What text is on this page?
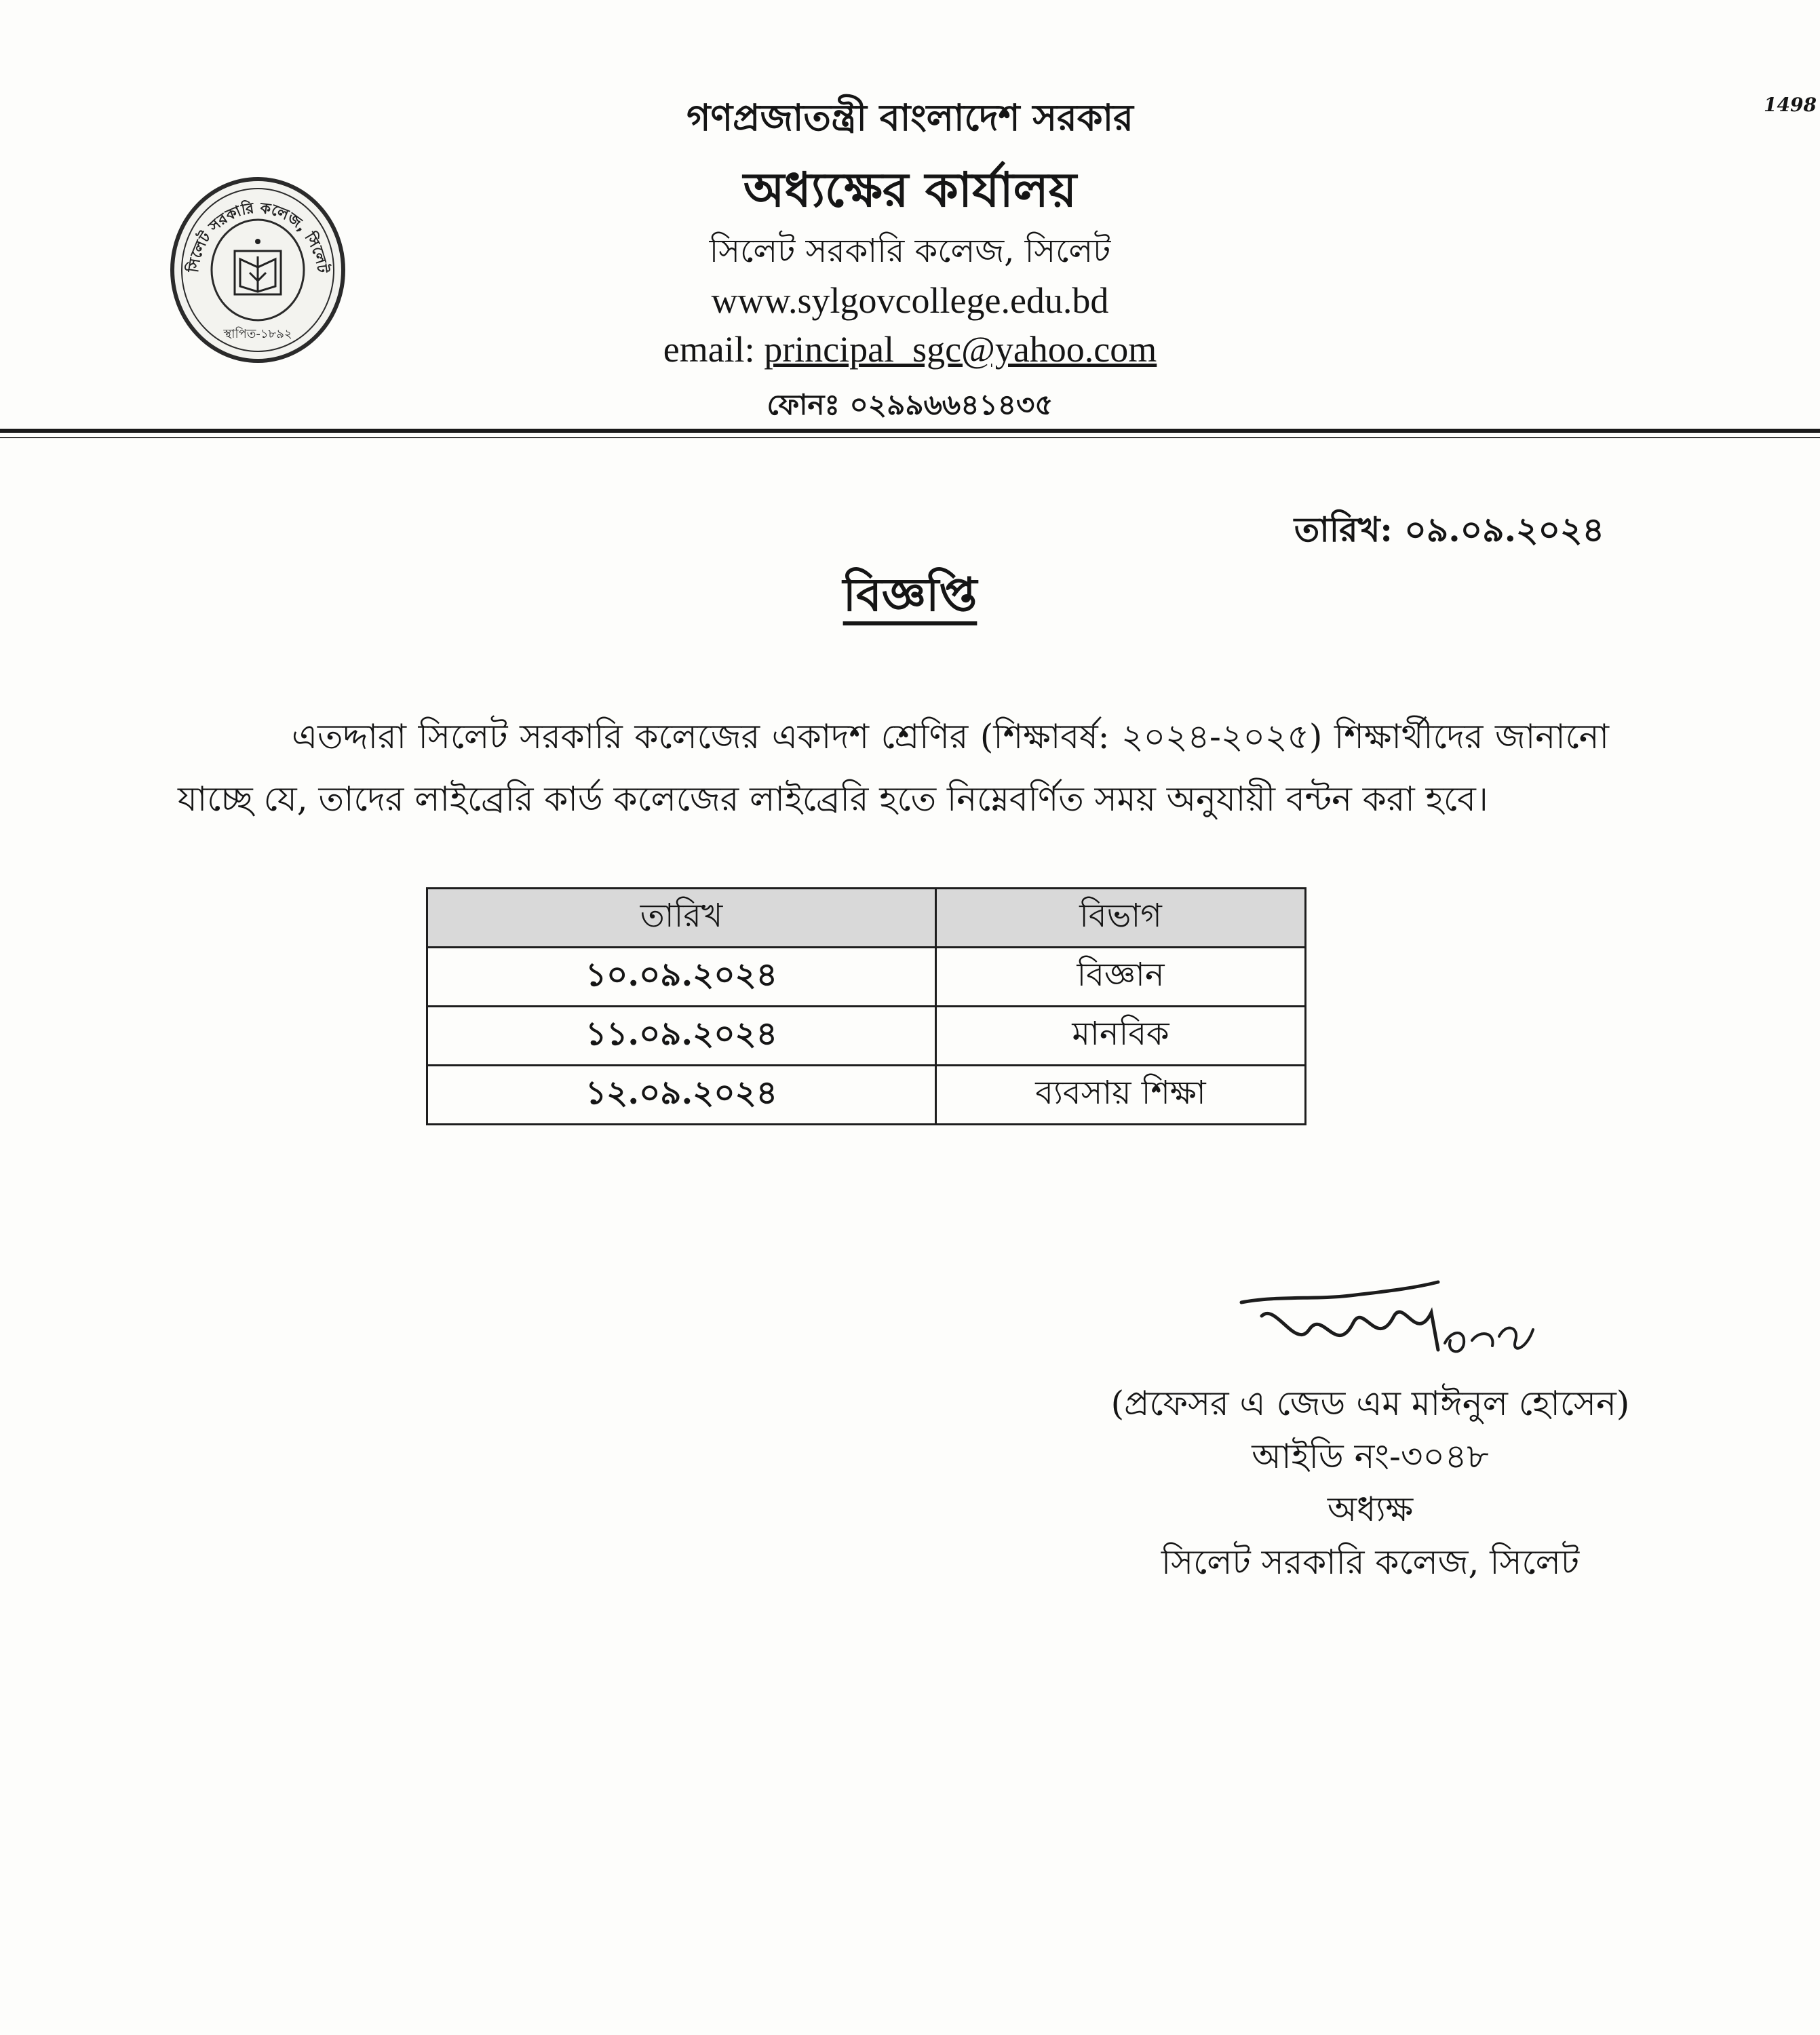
1498
সিলেট সরকারি কলেজ, সিলেট
স্থাপিত-১৮৯২
গণপ্রজাতন্ত্রী বাংলাদেশ সরকার
অধ্যক্ষের কার্যালয়
সিলেট সরকারি কলেজ, সিলেট
www.sylgovcollege.edu.bd
email: principal_sgc@yahoo.com
ফোনঃ ০২৯৯৬৬৪১৪৩৫
তারিখ: ০৯.০৯.২০২৪
বিজ্ঞপ্তি
এতদ্দারা সিলেট সরকারি কলেজের একাদশ শ্রেণির (শিক্ষাবর্ষ: ২০২৪-২০২৫) শিক্ষার্থীদের জানানো যাচ্ছে যে, তাদের লাইব্রেরি কার্ড কলেজের লাইব্রেরি হতে নিম্নেবর্ণিত সময় অনুযায়ী বন্টন করা হবে।
তারিখ	বিভাগ
১০.০৯.২০২৪	বিজ্ঞান
১১.০৯.২০২৪	মানবিক
১২.০৯.২০২৪	ব্যবসায় শিক্ষা
(প্রফেসর এ জেড এম মাঈনুল হোসেন)
আইডি নং-৩০৪৮
অধ্যক্ষ
সিলেট সরকারি কলেজ, সিলেট
